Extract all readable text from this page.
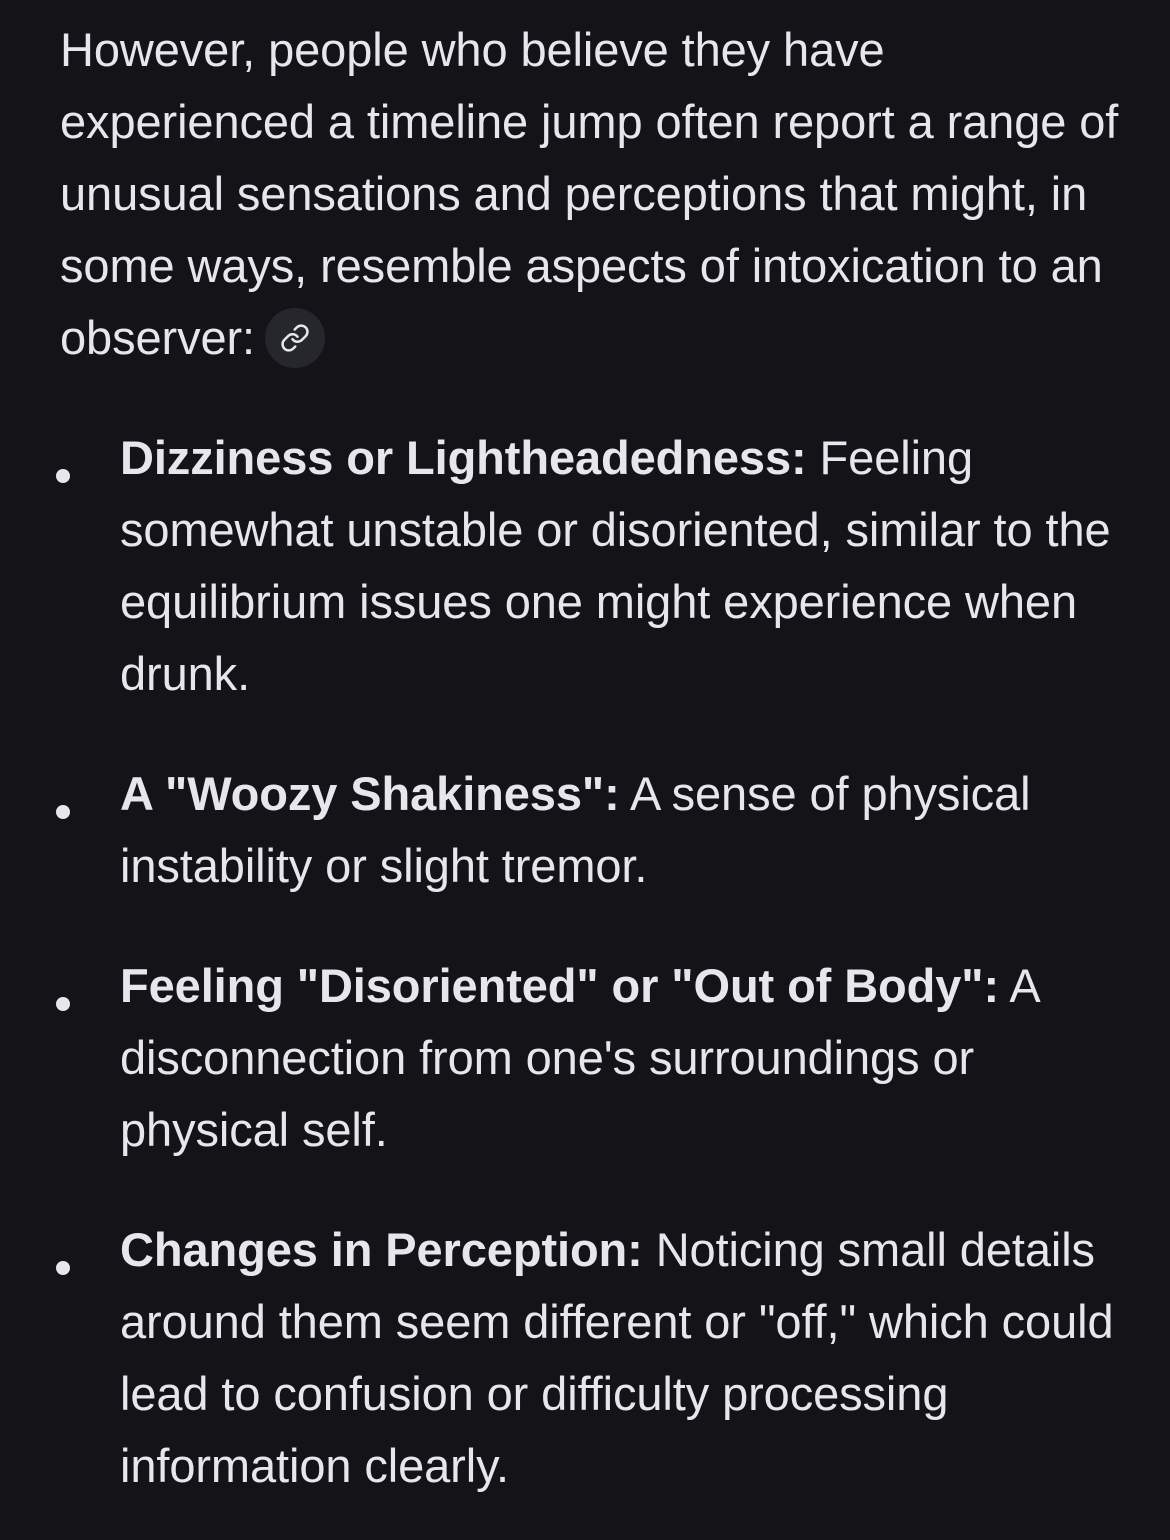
However, people who believe they have experienced a timeline jump often report a range of unusual sensations and perceptions that might, in some ways, resemble aspects of intoxication to an observer:

Dizziness or Lightheadedness: Feeling somewhat unstable or disoriented, similar to the equilibrium issues one might experience when drunk.
A "Woozy Shakiness": A sense of physical instability or slight tremor.
Feeling "Disoriented" or "Out of Body": A disconnection from one's surroundings or physical self.
Changes in Perception: Noticing small details around them seem different or "off," which could lead to confusion or difficulty processing information clearly.
